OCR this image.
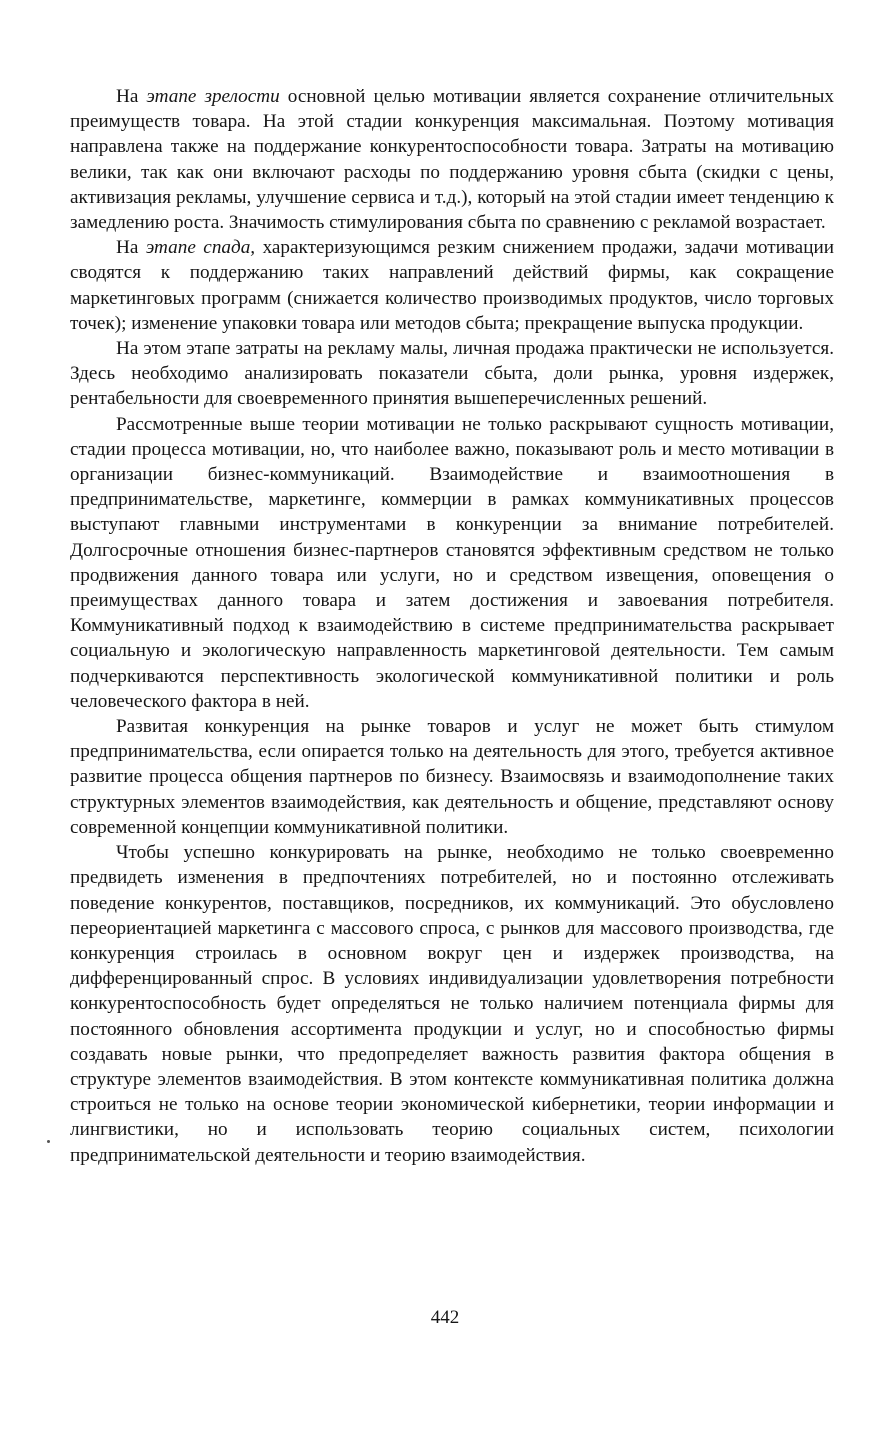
На этапе зрелости основной целью мотивации является сохранение отличительных преимуществ товара. На этой стадии конкуренция максимальная. Поэтому мотивация направлена также на поддержание конкурентоспособности товара. Затраты на мотивацию велики, так как они включают расходы по поддержанию уровня сбыта (скидки с цены, активизация рекламы, улучшение сервиса и т.д.), который на этой стадии имеет тенденцию к замедлению роста. Значимость стимулирования сбыта по сравнению с рекламой возрастает.

На этапе спада, характеризующимся резким снижением продажи, задачи мотивации сводятся к поддержанию таких направлений действий фирмы, как сокращение маркетинговых программ (снижается количество производимых продуктов, число торговых точек); изменение упаковки товара или методов сбыта; прекращение выпуска продукции.

На этом этапе затраты на рекламу малы, личная продажа практически не используется. Здесь необходимо анализировать показатели сбыта, доли рынка, уровня издержек, рентабельности для своевременного принятия вышеперечисленных решений.

Рассмотренные выше теории мотивации не только раскрывают сущность мотивации, стадии процесса мотивации, но, что наиболее важно, показывают роль и место мотивации в организации бизнес-коммуникаций. Взаимодействие и взаимоотношения в предпринимательстве, маркетинге, коммерции в рамках коммуникативных процессов выступают главными инструментами в конкуренции за внимание потребителей. Долгосрочные отношения бизнес-партнеров становятся эффективным средством не только продвижения данного товара или услуги, но и средством извещения, оповещения о преимуществах данного товара и затем достижения и завоевания потребителя. Коммуникативный подход к взаимодействию в системе предпринимательства раскрывает социальную и экологическую направленность маркетинговой деятельности. Тем самым подчеркиваются перспективность экологической коммуникативной политики и роль человеческого фактора в ней.

Развитая конкуренция на рынке товаров и услуг не может быть стимулом предпринимательства, если опирается только на деятельность для этого, требуется активное развитие процесса общения партнеров по бизнесу. Взаимосвязь и взаимодополнение таких структурных элементов взаимодействия, как деятельность и общение, представляют основу современной концепции коммуникативной политики.

Чтобы успешно конкурировать на рынке, необходимо не только своевременно предвидеть изменения в предпочтениях потребителей, но и постоянно отслеживать поведение конкурентов, поставщиков, посредников, их коммуникаций. Это обусловлено переориентацией маркетинга с массового спроса, с рынков для массового производства, где конкуренция строилась в основном вокруг цен и издержек производства, на дифференцированный спрос. В условиях индивидуализации удовлетворения потребности конкурентоспособность будет определяться не только наличием потенциала фирмы для постоянного обновления ассортимента продукции и услуг, но и способностью фирмы создавать новые рынки, что предопределяет важность развития фактора общения в структуре элементов взаимодействия. В этом контексте коммуникативная политика должна строиться не только на основе теории экономической кибернетики, теории информации и лингвистики, но и использовать теорию социальных систем, психологии предпринимательской деятельности и теорию взаимодействия.

442
